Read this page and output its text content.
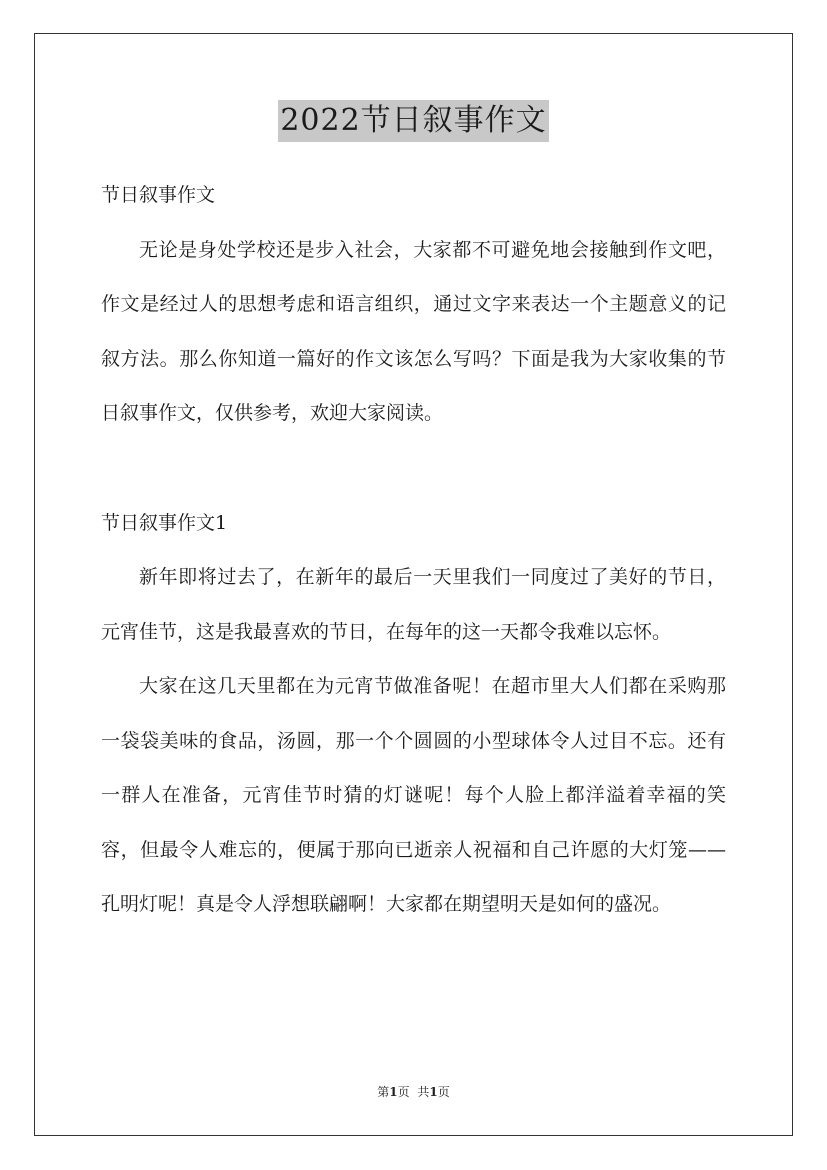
2022节日叙事作文

节日叙事作文

无论是身处学校还是步入社会，大家都不可避免地会接触到作文吧，作文是经过人的思想考虑和语言组织，通过文字来表达一个主题意义的记叙方法。那么你知道一篇好的作文该怎么写吗？下面是我为大家收集的节日叙事作文，仅供参考，欢迎大家阅读。

节日叙事作文1

新年即将过去了，在新年的最后一天里我们一同度过了美好的节日，元宵佳节，这是我最喜欢的节日，在每年的这一天都令我难以忘怀。

大家在这几天里都在为元宵节做准备呢！在超市里大人们都在采购那一袋袋美味的食品，汤圆，那一个个圆圆的小型球体令人过目不忘。还有一群人在准备，元宵佳节时猜的灯谜呢！每个人脸上都洋溢着幸福的笑容，但最令人难忘的，便属于那向已逝亲人祝福和自己许愿的大灯笼——孔明灯呢！真是令人浮想联翩啊！大家都在期望明天是如何的盛况。

第1页 共1页
